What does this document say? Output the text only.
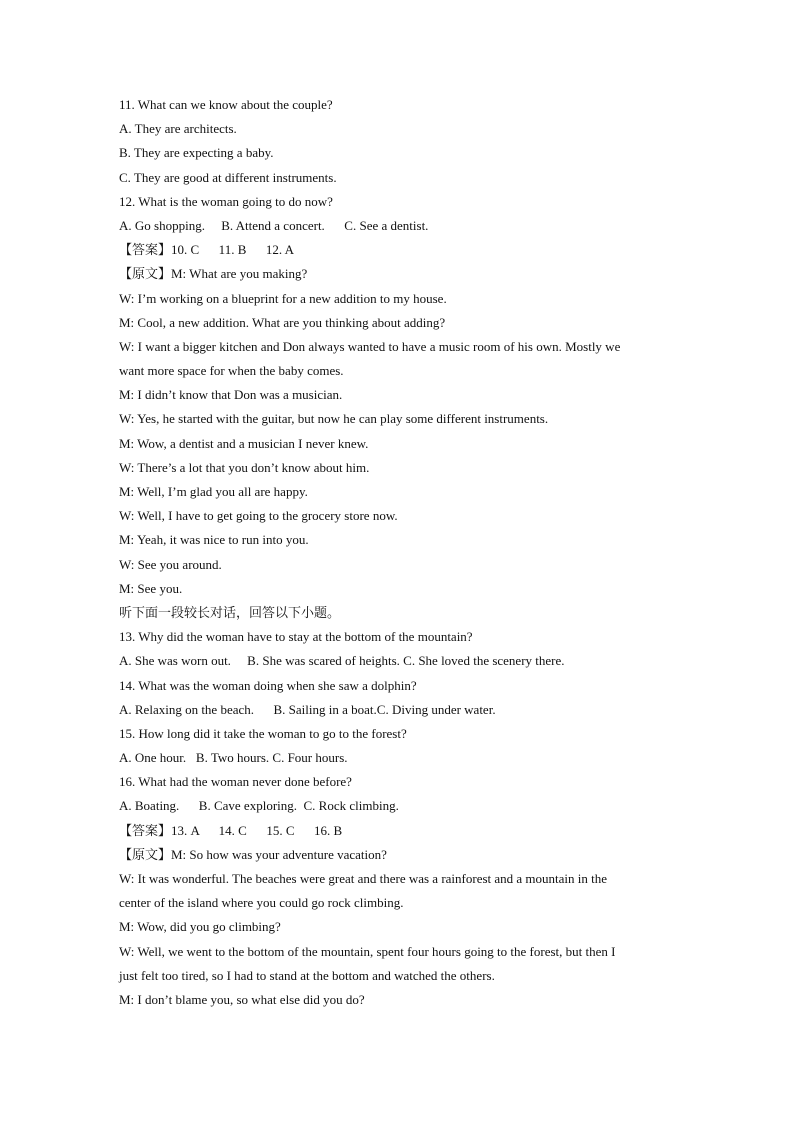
11. What can we know about the couple?
A. They are architects.
B. They are expecting a baby.
C. They are good at different instruments.
12. What is the woman going to do now?
A. Go shopping.     B. Attend a concert.      C. See a dentist.
【答案】10. C      11. B      12. A
【原文】M: What are you making?
W: I’m working on a blueprint for a new addition to my house.
M: Cool, a new addition. What are you thinking about adding?
W: I want a bigger kitchen and Don always wanted to have a music room of his own. Mostly we
want more space for when the baby comes.
M: I didn’t know that Don was a musician.
W: Yes, he started with the guitar, but now he can play some different instruments.
M: Wow, a dentist and a musician I never knew.
W: There’s a lot that you don’t know about him.
M: Well, I’m glad you all are happy.
W: Well, I have to get going to the grocery store now.
M: Yeah, it was nice to run into you.
W: See you around.
M: See you.
听下面一段较长对话，回答以下小题。
13. Why did the woman have to stay at the bottom of the mountain?
A. She was worn out.     B. She was scared of heights. C. She loved the scenery there.
14. What was the woman doing when she saw a dolphin?
A. Relaxing on the beach.      B. Sailing in a boat.C. Diving under water.
15. How long did it take the woman to go to the forest?
A. One hour.   B. Two hours. C. Four hours.
16. What had the woman never done before?
A. Boating.      B. Cave exploring.  C. Rock climbing.
【答案】13. A      14. C      15. C      16. B
【原文】M: So how was your adventure vacation?
W: It was wonderful. The beaches were great and there was a rainforest and a mountain in the
center of the island where you could go rock climbing.
M: Wow, did you go climbing?
W: Well, we went to the bottom of the mountain, spent four hours going to the forest, but then I
just felt too tired, so I had to stand at the bottom and watched the others.
M: I don’t blame you, so what else did you do?
